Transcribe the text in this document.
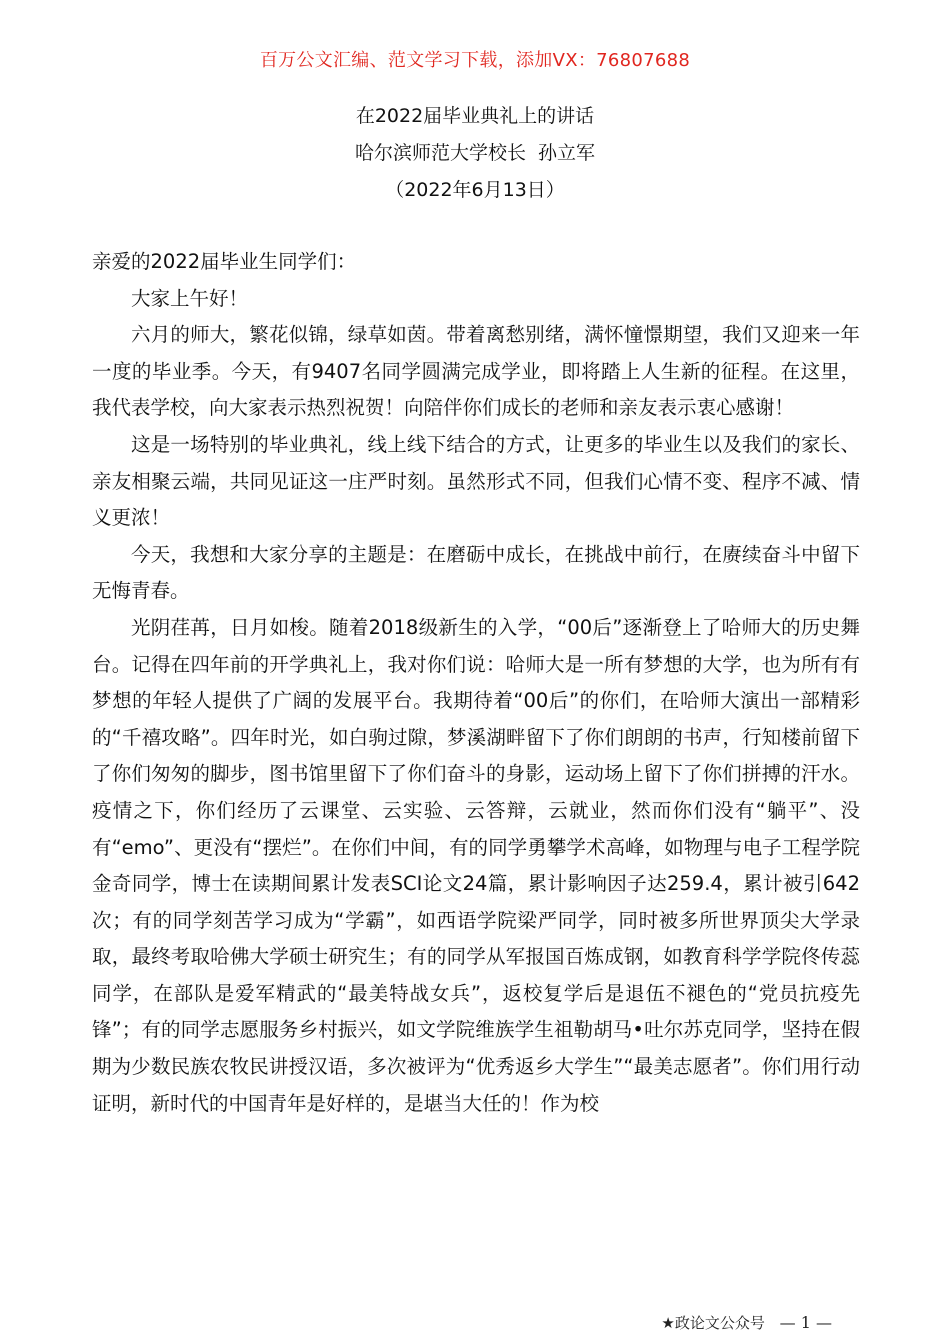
百万公文汇编、范文学习下载，添加VX：76807688
在2022届毕业典礼上的讲话
哈尔滨师范大学校长  孙立军
（2022年6月13日）

亲爱的2022届毕业生同学们：

大家上午好！

六月的师大，繁花似锦，绿草如茵。带着离愁别绪，满怀憧憬期望，我们又迎来一年一度的毕业季。今天，有9407名同学圆满完成学业，即将踏上人生新的征程。在这里，我代表学校，向大家表示热烈祝贺！向陪伴你们成长的老师和亲友表示衷心感谢！

这是一场特别的毕业典礼，线上线下结合的方式，让更多的毕业生以及我们的家长、亲友相聚云端，共同见证这一庄严时刻。虽然形式不同，但我们心情不变、程序不减、情义更浓！

今天，我想和大家分享的主题是：在磨砺中成长，在挑战中前行，在赓续奋斗中留下无悔青春。

光阴荏苒，日月如梭。随着2018级新生的入学，“00后”逐渐登上了哈师大的历史舞台。记得在四年前的开学典礼上，我对你们说：哈师大是一所有梦想的大学，也为所有有梦想的年轻人提供了广阔的发展平台。我期待着“00后”的你们，在哈师大演出一部精彩的“千禧攻略”。四年时光，如白驹过隙，梦溪湖畔留下了你们朗朗的书声，行知楼前留下了你们匆匆的脚步，图书馆里留下了你们奋斗的身影，运动场上留下了你们拼搏的汗水。疫情之下，你们经历了云课堂、云实验、云答辩，云就业，然而你们没有“躺平”、没有“emo”、更没有“摆烂”。在你们中间，有的同学勇攀学术高峰，如物理与电子工程学院金奇同学，博士在读期间累计发表SCI论文24篇，累计影响因子达259.4，累计被引642次；有的同学刻苦学习成为“学霸”，如西语学院梁严同学，同时被多所世界顶尖大学录取，最终考取哈佛大学硕士研究生；有的同学从军报国百炼成钢，如教育科学学院佟传蕊同学，在部队是爱军精武的“最美特战女兵”，返校复学后是退伍不褪色的“党员抗疫先锋”；有的同学志愿服务乡村振兴，如文学院维族学生祖勒胡马•吐尔苏克同学，坚持在假期为少数民族农牧民讲授汉语，多次被评为“优秀返乡大学生”“最美志愿者”。你们用行动证明，新时代的中国青年是好样的，是堪当大任的！作为校

★政论文公众号 — 1 —
